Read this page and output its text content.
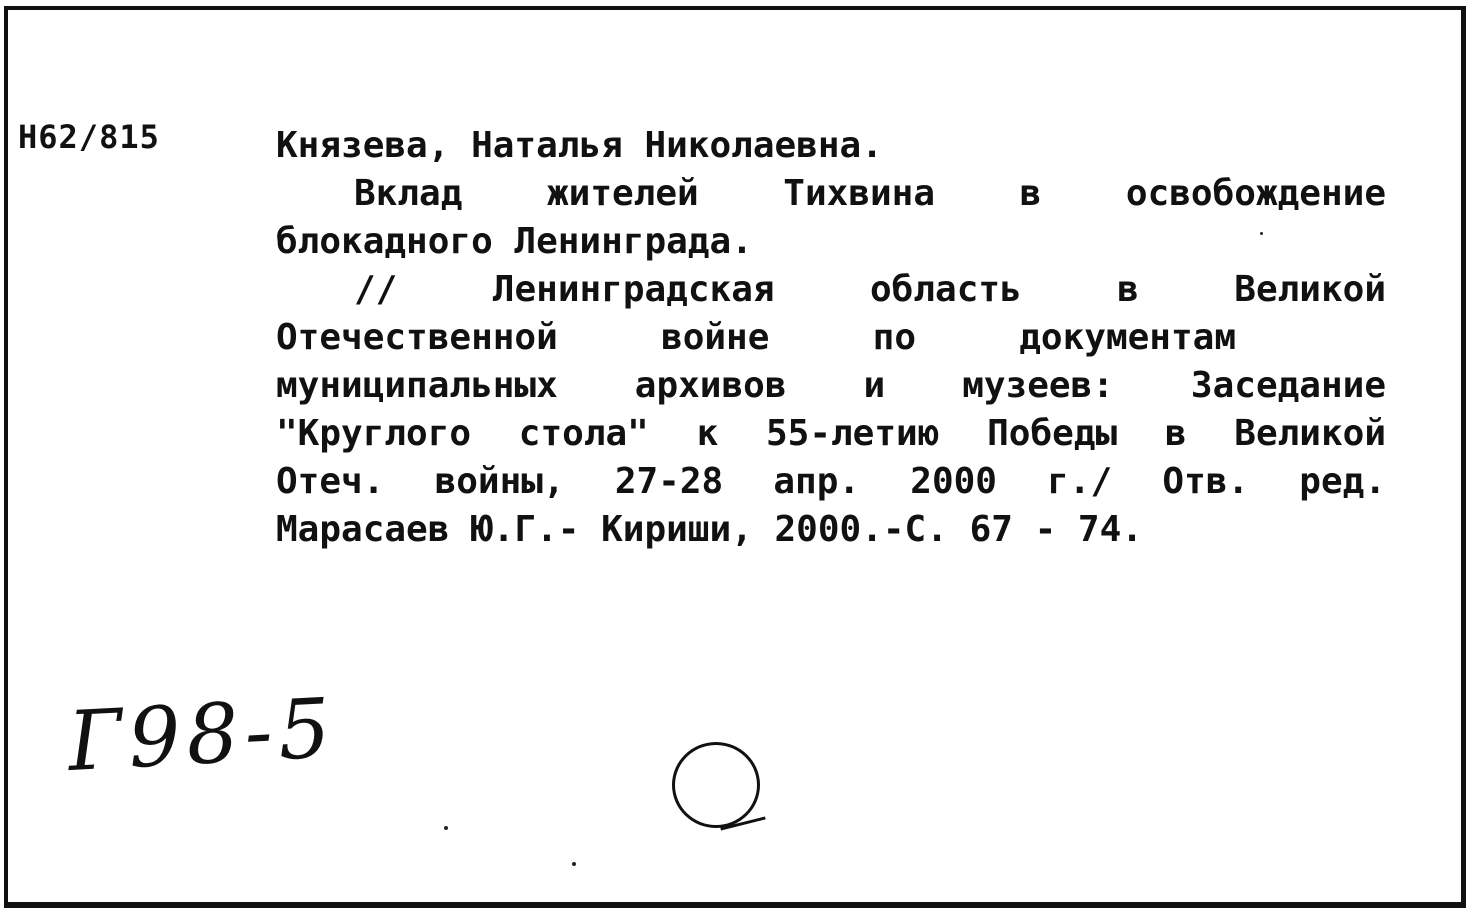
Н62/815	Князева, Наталья Николаевна.
Вклад жителей Тихвина в освобождение
блокадного Ленинграда.
// Ленинградская область в Великой
Отечественной войне по документам
муниципальных архивов и музеев: Заседание
"Круглого стола" к 55-летию Победы в Великой
Отеч. войны, 27-28 апр. 2000 г./ Отв. ред.
Марасаев Ю.Г.- Кириши, 2000.-С. 67 - 74.
Г98-5
